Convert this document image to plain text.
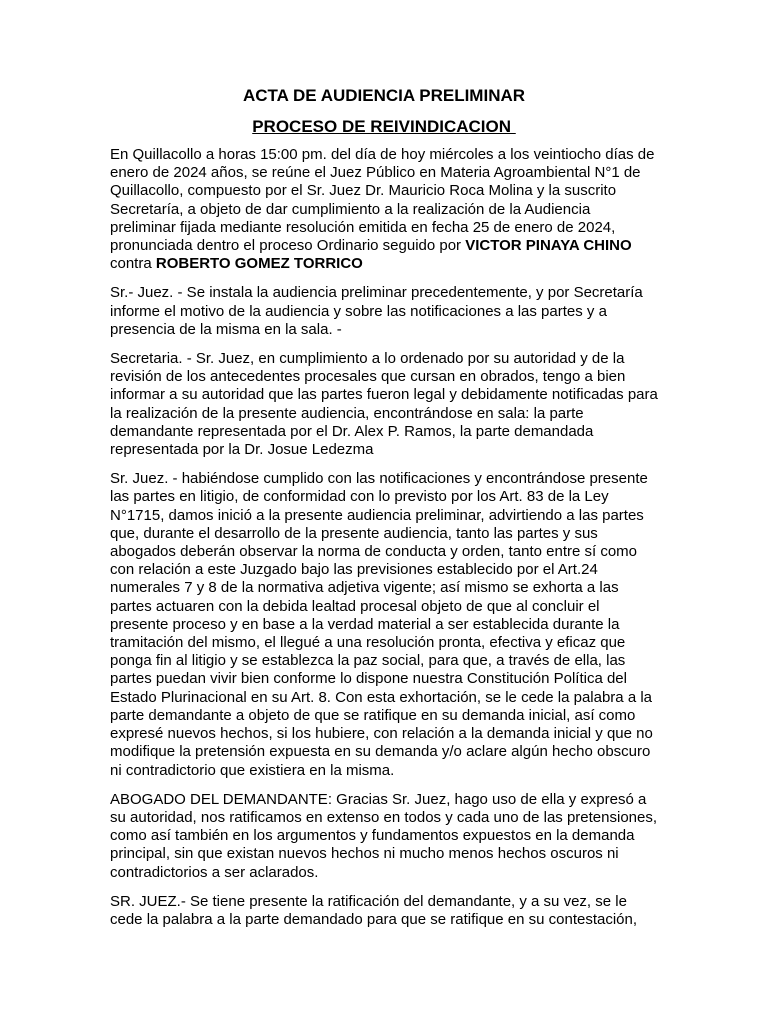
ACTA DE AUDIENCIA PRELIMINAR
PROCESO DE REIVINDICACION

En Quillacollo a horas 15:00 pm. del día de hoy miércoles a los veintiocho días de enero de 2024 años, se reúne el Juez Público en Materia Agroambiental N°1 de Quillacollo, compuesto por el Sr. Juez Dr. Mauricio Roca Molina y la suscrito Secretaría, a objeto de dar cumplimiento a la realización de la Audiencia preliminar fijada mediante resolución emitida en fecha 25 de enero de 2024, pronunciada dentro el proceso Ordinario seguido por VICTOR PINAYA CHINO contra ROBERTO GOMEZ TORRICO

Sr.- Juez. - Se instala la audiencia preliminar precedentemente, y por Secretaría informe el motivo de la audiencia y sobre las notificaciones a las partes y a presencia de la misma en la sala. -

Secretaria. - Sr. Juez, en cumplimiento a lo ordenado por su autoridad y de la revisión de los antecedentes procesales que cursan en obrados, tengo a bien informar a su autoridad que las partes fueron legal y debidamente notificadas para la realización de la presente audiencia, encontrándose en sala: la parte demandante representada por el Dr. Alex P. Ramos, la parte demandada representada por la Dr. Josue Ledezma

Sr. Juez. - habiéndose cumplido con las notificaciones y encontrándose presente las partes en litigio, de conformidad con lo previsto por los Art. 83 de la Ley N°1715, damos inició a la presente audiencia preliminar, advirtiendo a las partes que, durante el desarrollo de la presente audiencia, tanto las partes y sus abogados deberán observar la norma de conducta y orden, tanto entre sí como con relación a este Juzgado bajo las previsiones establecido por el Art.24 numerales 7 y 8 de la normativa adjetiva vigente; así mismo se exhorta a las partes actuaren con la debida lealtad procesal objeto de que al concluir el presente proceso y en base a la verdad material a ser establecida durante la tramitación del mismo, el llegué a una resolución pronta, efectiva y eficaz que ponga fin al litigio y se establezca la paz social, para que, a través de ella, las partes puedan vivir bien conforme lo dispone nuestra Constitución Política del Estado Plurinacional en su Art. 8. Con esta exhortación, se le cede la palabra a la parte demandante a objeto de que se ratifique en su demanda inicial, así como expresé nuevos hechos, si los hubiere, con relación a la demanda inicial y que no modifique la pretensión expuesta en su demanda y/o aclare algún hecho obscuro ni contradictorio que existiera en la misma.

ABOGADO DEL DEMANDANTE: Gracias Sr. Juez, hago uso de ella y expresó a su autoridad, nos ratificamos en extenso en todos y cada uno de las pretensiones, como así también en los argumentos y fundamentos expuestos en la demanda principal, sin que existan nuevos hechos ni mucho menos hechos oscuros ni contradictorios a ser aclarados.

SR. JUEZ.- Se tiene presente la ratificación del demandante, y a su vez, se le cede la palabra a la parte demandado para que se ratifique en su contestación,
